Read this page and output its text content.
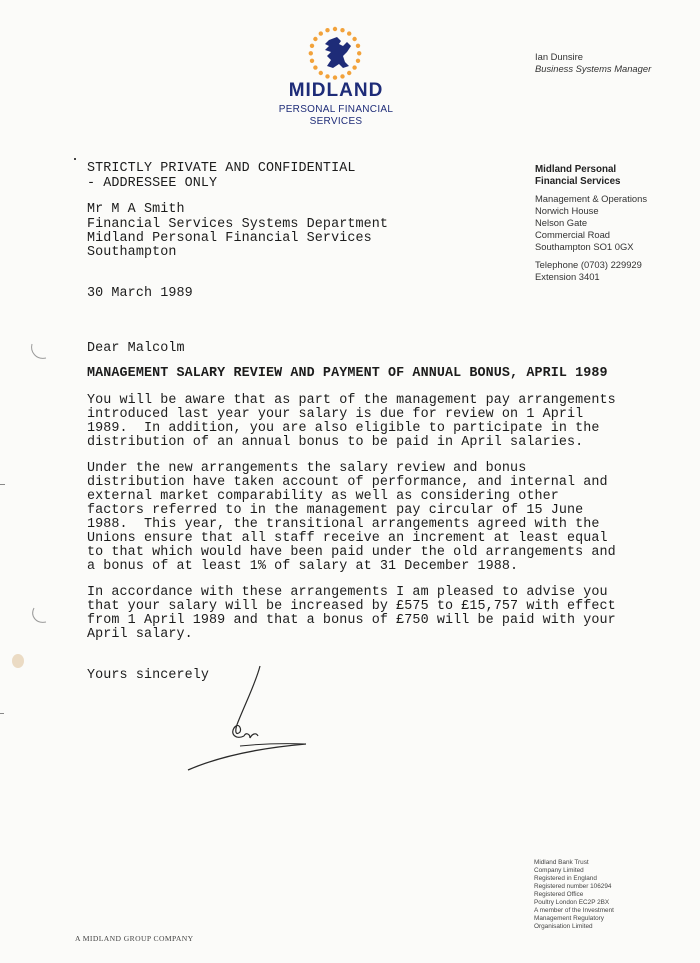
MIDLAND
PERSONAL FINANCIAL
SERVICES
Ian Dunsire
Business Systems Manager
Midland Personal
Financial Services
Management & Operations
Norwich House
Nelson Gate
Commercial Road
Southampton SO1 0GX
Telephone (0703) 229929
Extension 3401
STRICTLY PRIVATE AND CONFIDENTIAL
- ADDRESSEE ONLY
Mr M A Smith
Financial Services Systems Department
Midland Personal Financial Services
Southampton
30 March 1989
Dear Malcolm
MANAGEMENT SALARY REVIEW AND PAYMENT OF ANNUAL BONUS, APRIL 1989
You will be aware that as part of the management pay arrangements
introduced last year your salary is due for review on 1 April
1989.  In addition, you are also eligible to participate in the
distribution of an annual bonus to be paid in April salaries.
Under the new arrangements the salary review and bonus
distribution have taken account of performance, and internal and
external market comparability as well as considering other
factors referred to in the management pay circular of 15 June
1988.  This year, the transitional arrangements agreed with the
Unions ensure that all staff receive an increment at least equal
to that which would have been paid under the old arrangements and
a bonus of at least 1% of salary at 31 December 1988.
In accordance with these arrangements I am pleased to advise you
that your salary will be increased by £575 to £15,757 with effect
from 1 April 1989 and that a bonus of £750 will be paid with your
April salary.
Yours sincerely
Midland Bank Trust
Company Limited
Registered in England
Registered number 106294
Registered Office
Poultry London EC2P 2BX
A member of the Investment
Management Regulatory
Organisation Limited
A MIDLAND GROUP COMPANY
